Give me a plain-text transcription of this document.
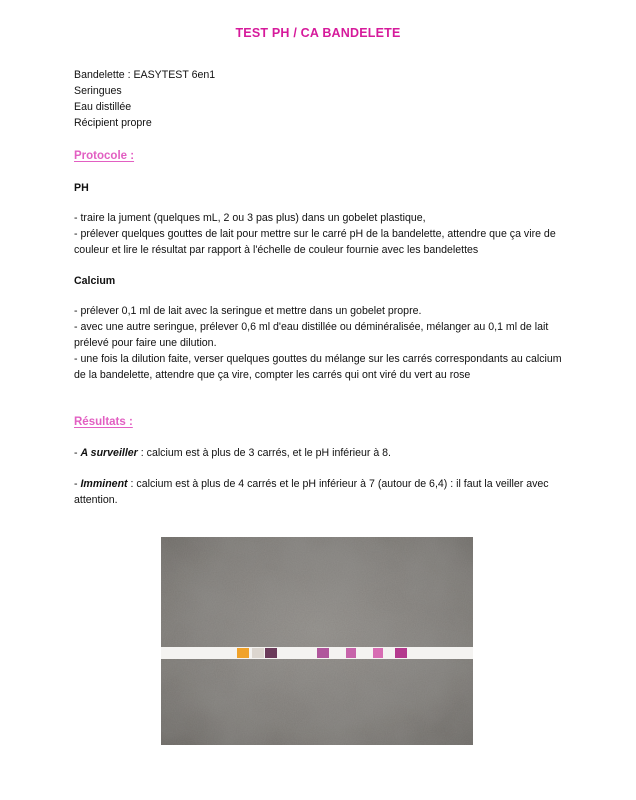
TEST PH / CA BANDELETE
Bandelette : EASYTEST 6en1
Seringues
Eau distillée
Récipient propre
Protocole :
PH

- traire la jument (quelques mL, 2 ou 3 pas plus) dans un gobelet plastique,

- prélever quelques gouttes de lait pour mettre sur le carré pH de la bandelette, attendre que ça vire de couleur et lire le résultat par rapport à l'échelle de couleur fournie avec les bandelettes

Calcium

- prélever 0,1 ml de lait avec la seringue et mettre dans un gobelet propre.

- avec une autre seringue, prélever 0,6 ml d'eau distillée ou déminéralisée, mélanger au 0,1 ml de lait prélevé pour faire une dilution.

- une fois la dilution faite, verser quelques gouttes du mélange sur les carrés correspondants au calcium de la bandelette, attendre que ça vire, compter les carrés qui ont viré du vert au rose

Résultats :
- A surveiller : calcium est à plus de 3 carrés, et le pH inférieur à 8.
- Imminent : calcium est à plus de 4 carrés et le pH inférieur à 7 (autour de 6,4) : il faut la veiller avec attention.
